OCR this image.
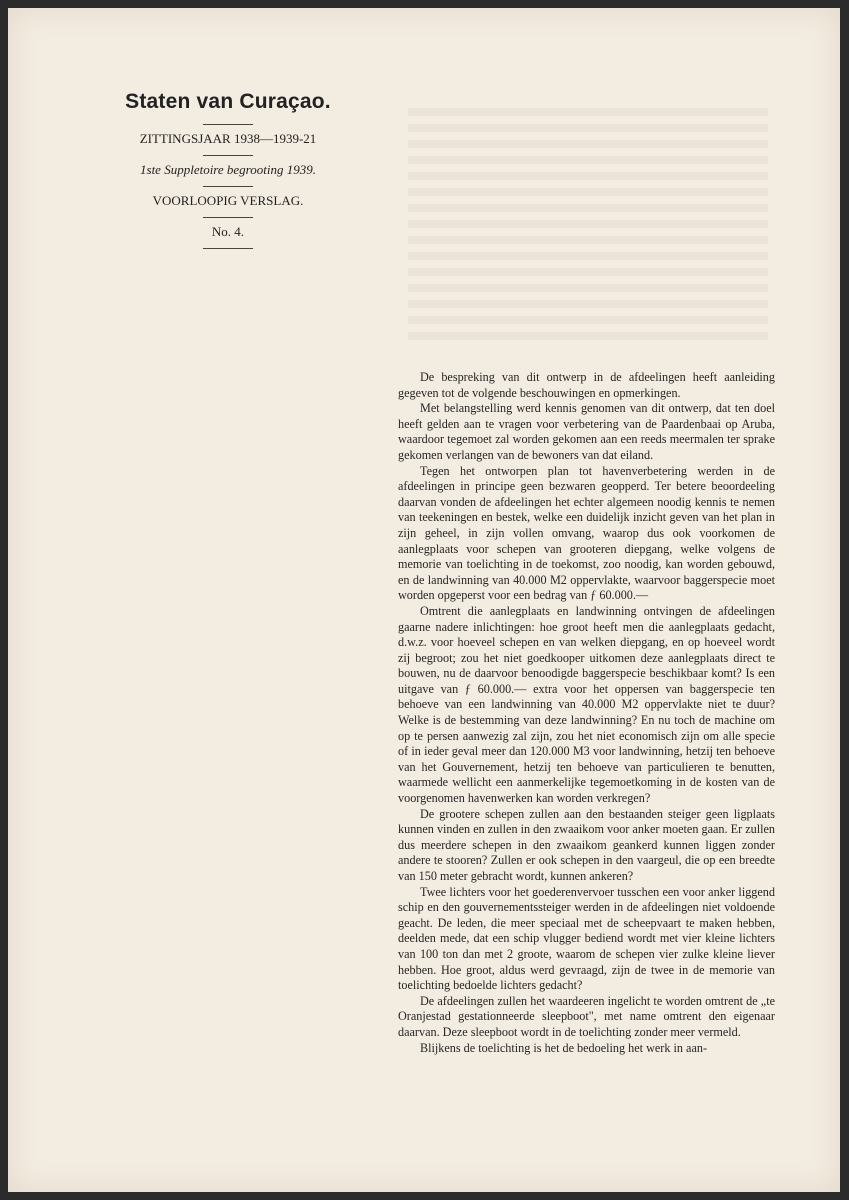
Staten van Curaçao.
ZITTINGSJAAR 1938—1939-21
1ste Suppletoire begrooting 1939.
VOORLOOPIG VERSLAG.
No. 4.

De bespreking van dit ontwerp in de afdeelingen heeft aanleiding gegeven tot de volgende beschouwingen en opmerkingen.

Met belangstelling werd kennis genomen van dit ontwerp, dat ten doel heeft gelden aan te vragen voor verbetering van de Paardenbaai op Aruba, waardoor tegemoet zal worden gekomen aan een reeds meermalen ter sprake gekomen verlangen van de bewoners van dat eiland.

Tegen het ontworpen plan tot havenverbetering werden in de afdeelingen in principe geen bezwaren geopperd. Ter betere beoordeeling daarvan vonden de afdeelingen het echter algemeen noodig kennis te nemen van teekeningen en bestek, welke een duidelijk inzicht geven van het plan in zijn geheel, in zijn vollen omvang, waarop dus ook voorkomen de aanlegplaats voor schepen van grooteren diepgang, welke volgens de memorie van toelichting in de toekomst, zoo noodig, kan worden gebouwd, en de landwinning van 40.000 M2 oppervlakte, waarvoor baggerspecie moet worden opgeperst voor een bedrag van ƒ 60.000.—

Omtrent die aanlegplaats en landwinning ontvingen de afdeelingen gaarne nadere inlichtingen: hoe groot heeft men die aanlegplaats gedacht, d.w.z. voor hoeveel schepen en van welken diepgang, en op hoeveel wordt zij begroot; zou het niet goedkooper uitkomen deze aanlegplaats direct te bouwen, nu de daarvoor benoodigde baggerspecie beschikbaar komt? Is een uitgave van ƒ 60.000.— extra voor het oppersen van baggerspecie ten behoeve van een landwinning van 40.000 M2 oppervlakte niet te duur? Welke is de bestemming van deze landwinning? En nu toch de machine om op te persen aanwezig zal zijn, zou het niet economisch zijn om alle specie of in ieder geval meer dan 120.000 M3 voor landwinning, hetzij ten behoeve van het Gouvernement, hetzij ten behoeve van particulieren te benutten, waarmede wellicht een aanmerkelijke tegemoetkoming in de kosten van de voorgenomen havenwerken kan worden verkregen?

De grootere schepen zullen aan den bestaanden steiger geen ligplaats kunnen vinden en zullen in den zwaaikom voor anker moeten gaan. Er zullen dus meerdere schepen in den zwaaikom geankerd kunnen liggen zonder andere te stooren? Zullen er ook schepen in den vaargeul, die op een breedte van 150 meter gebracht wordt, kunnen ankeren?

Twee lichters voor het goederenvervoer tusschen een voor anker liggend schip en den gouvernementssteiger werden in de afdeelingen niet voldoende geacht. De leden, die meer speciaal met de scheepvaart te maken hebben, deelden mede, dat een schip vlugger bediend wordt met vier kleine lichters van 100 ton dan met 2 groote, waarom de schepen vier zulke kleine liever hebben. Hoe groot, aldus werd gevraagd, zijn de twee in de memorie van toelichting bedoelde lichters gedacht?

De afdeelingen zullen het waardeeren ingelicht te worden omtrent de „te Oranjestad gestationneerde sleepboot", met name omtrent den eigenaar daarvan. Deze sleepboot wordt in de toelichting zonder meer vermeld.

Blijkens de toelichting is het de bedoeling het werk in aan-
